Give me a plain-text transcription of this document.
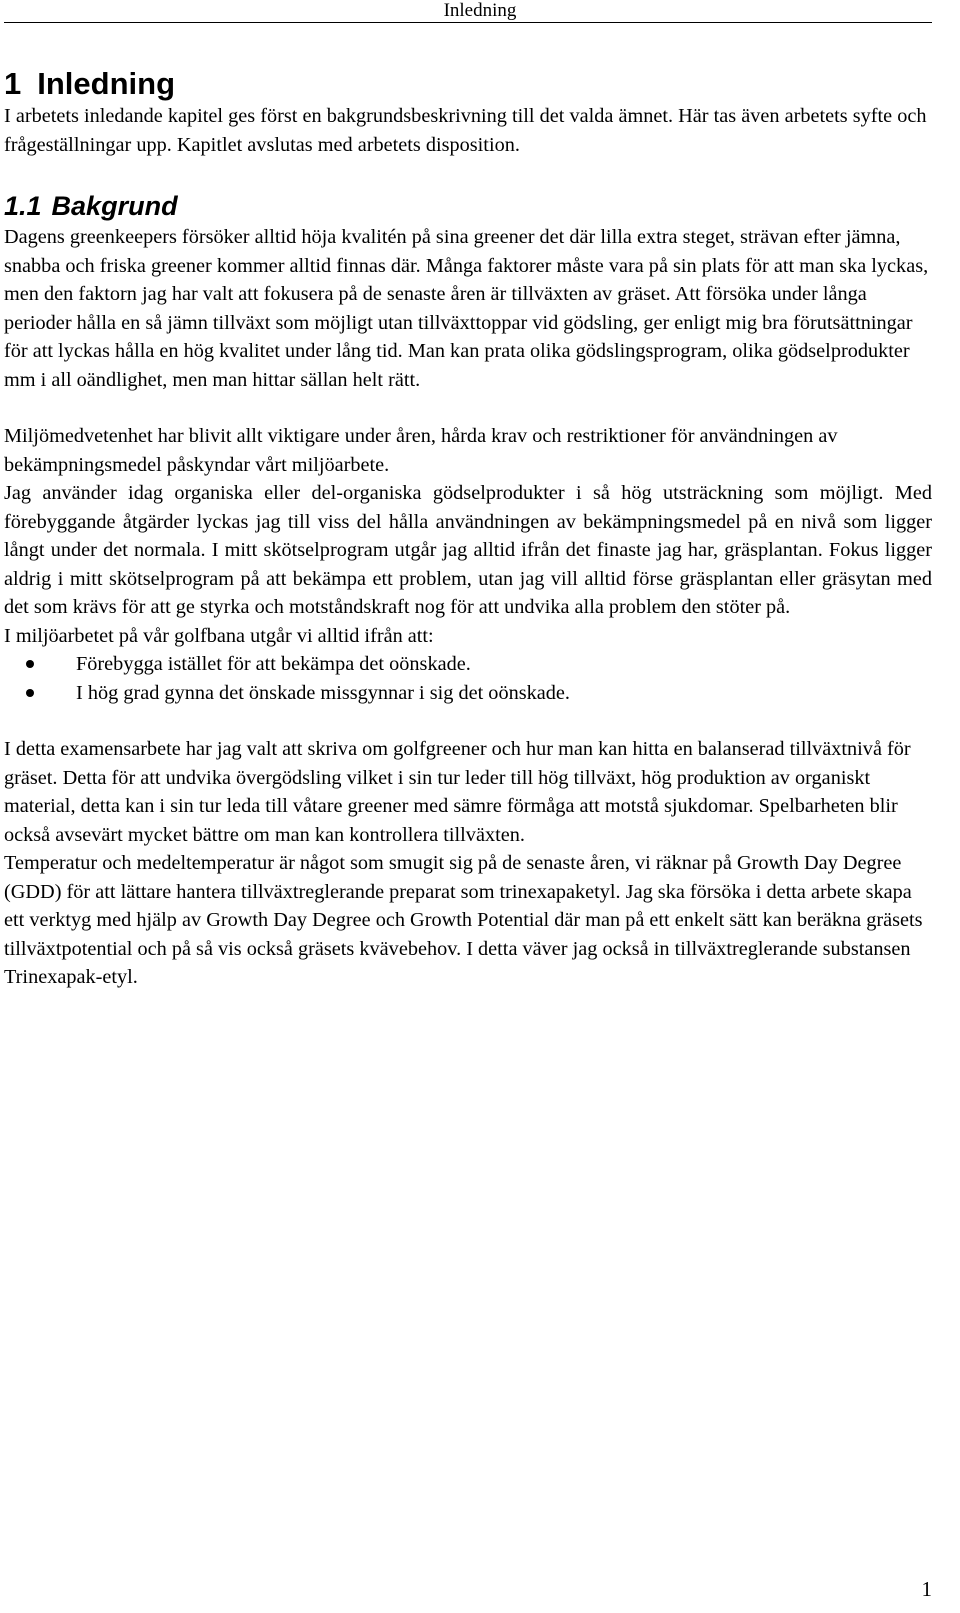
Inledning
1 Inledning

I arbetets inledande kapitel ges först en bakgrundsbeskrivning till det valda ämnet. Här tas även arbetets syfte och frågeställningar upp. Kapitlet avslutas med arbetets disposition.

1.1 Bakgrund

Dagens greenkeepers försöker alltid höja kvalitén på sina greener det där lilla extra steget, strävan efter jämna, snabba och friska greener kommer alltid finnas där. Många faktorer måste vara på sin plats för att man ska lyckas, men den faktorn jag har valt att fokusera på de senaste åren är tillväxten av gräset. Att försöka under långa perioder hålla en så jämn tillväxt som möjligt utan tillväxttoppar vid gödsling, ger enligt mig bra förutsättningar för att lyckas hålla en hög kvalitet under lång tid. Man kan prata olika gödslingsprogram, olika gödselprodukter mm i all oändlighet, men man hittar sällan helt rätt.

Miljömedvetenhet har blivit allt viktigare under åren, hårda krav och restriktioner för användningen av bekämpningsmedel påskyndar vårt miljöarbete.

Jag använder idag organiska eller del-organiska gödselprodukter i så hög utsträckning som möjligt. Med förebyggande åtgärder lyckas jag till viss del hålla användningen av bekämpningsmedel på en nivå som ligger långt under det normala. I mitt skötselprogram utgår jag alltid ifrån det finaste jag har, gräsplantan. Fokus ligger aldrig i mitt skötselprogram på att bekämpa ett problem, utan jag vill alltid förse gräsplantan eller gräsytan med det som krävs för att ge styrka och motståndskraft nog för att undvika alla problem den stöter på.

I miljöarbetet på vår golfbana utgår vi alltid ifrån att:

Förebygga istället för att bekämpa det oönskade.
I hög grad gynna det önskade missgynnar i sig det oönskade.

I detta examensarbete har jag valt att skriva om golfgreener och hur man kan hitta en balanserad tillväxtnivå för gräset. Detta för att undvika övergödsling vilket i sin tur leder till hög tillväxt, hög produktion av organiskt material, detta kan i sin tur leda till våtare greener med sämre förmåga att motstå sjukdomar. Spelbarheten blir också avsevärt mycket bättre om man kan kontrollera tillväxten.

Temperatur och medeltemperatur är något som smugit sig på de senaste åren, vi räknar på Growth Day Degree (GDD) för att lättare hantera tillväxtreglerande preparat som trinexapaketyl. Jag ska försöka i detta arbete skapa ett verktyg med hjälp av Growth Day Degree och Growth Potential där man på ett enkelt sätt kan beräkna gräsets tillväxtpotential och på så vis också gräsets kvävebehov. I detta väver jag också in tillväxtreglerande substansen Trinexapak-etyl.

1
